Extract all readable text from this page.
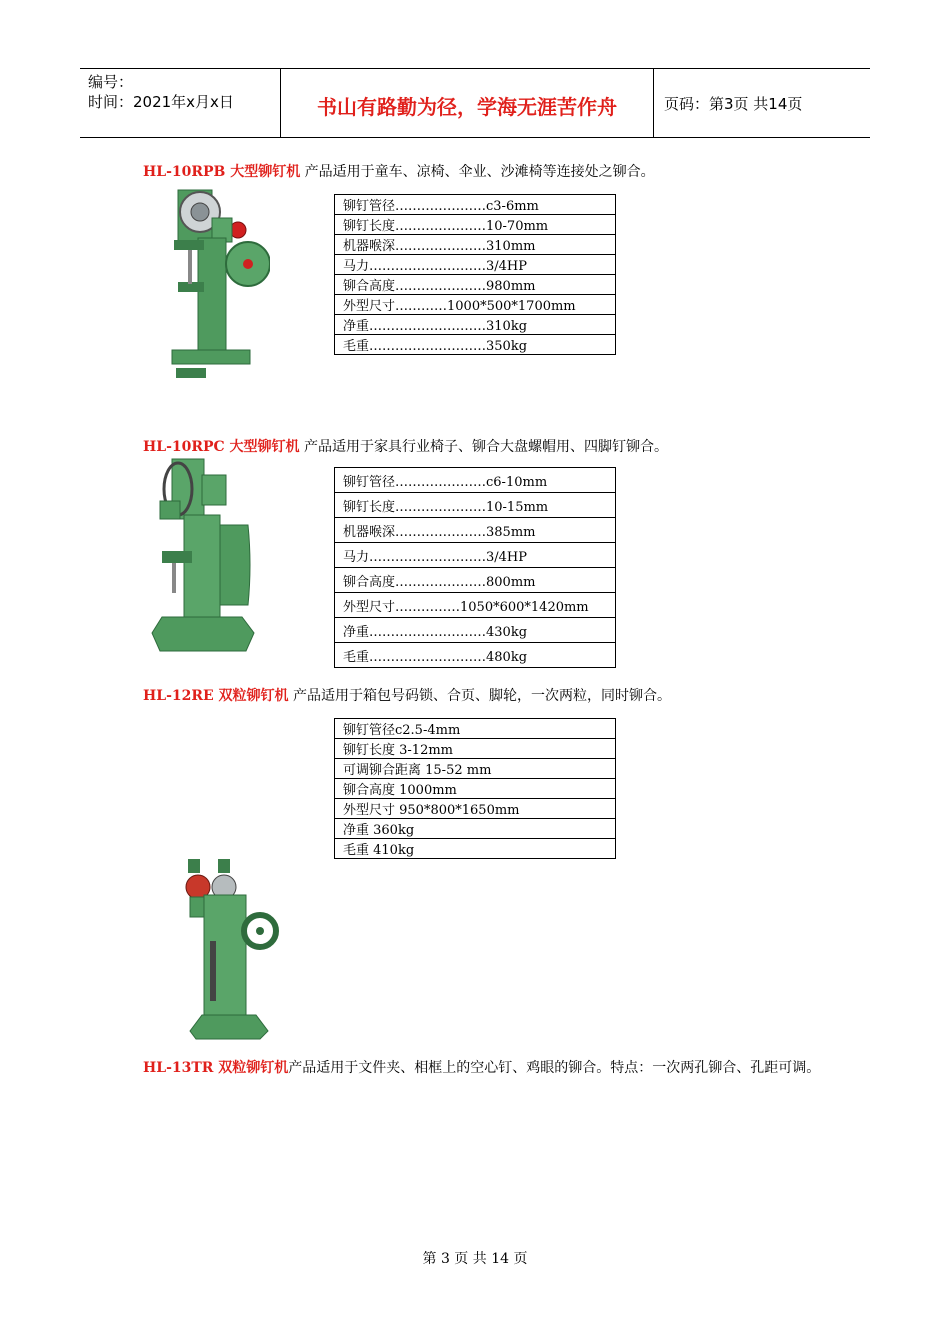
编号：
时间：2021年x月x日	书山有路勤为径，学海无涯苦作舟	页码：第3页 共14页
HL-10RPB 大型铆钉机 产品适用于童车、凉椅、伞业、沙滩椅等连接处之铆合。
铆钉管径…………………ⅽ3-6mm
铆钉长度…………………10-70mm
机器喉深…………………310mm
马力………………………3/4HP
铆合高度…………………980mm
外型尺寸…………1000*500*1700mm
净重………………………310kg
毛重………………………350kg
HL-10RPC 大型铆钉机 产品适用于家具行业椅子、铆合大盘螺帽用、四脚钉铆合。
铆钉管径…………………ⅽ6-10mm
铆钉长度…………………10-15mm
机器喉深…………………385mm
马力………………………3/4HP
铆合高度…………………800mm
外型尺寸……………1050*600*1420mm
净重………………………430kg
毛重………………………480kg
HL-12RE 双粒铆钉机 产品适用于箱包号码锁、合页、脚轮，一次两粒，同时铆合。
铆钉管径ⅽ2.5-4mm
铆钉长度 3-12mm
可调铆合距离 15-52 mm
铆合高度 1000mm
外型尺寸 950*800*1650mm
净重 360kg
毛重 410kg
HL-13TR 双粒铆钉机产品适用于文件夹、相框上的空心钉、鸡眼的铆合。特点：一次两孔铆合、孔距可调。
第 3 页 共 14 页
